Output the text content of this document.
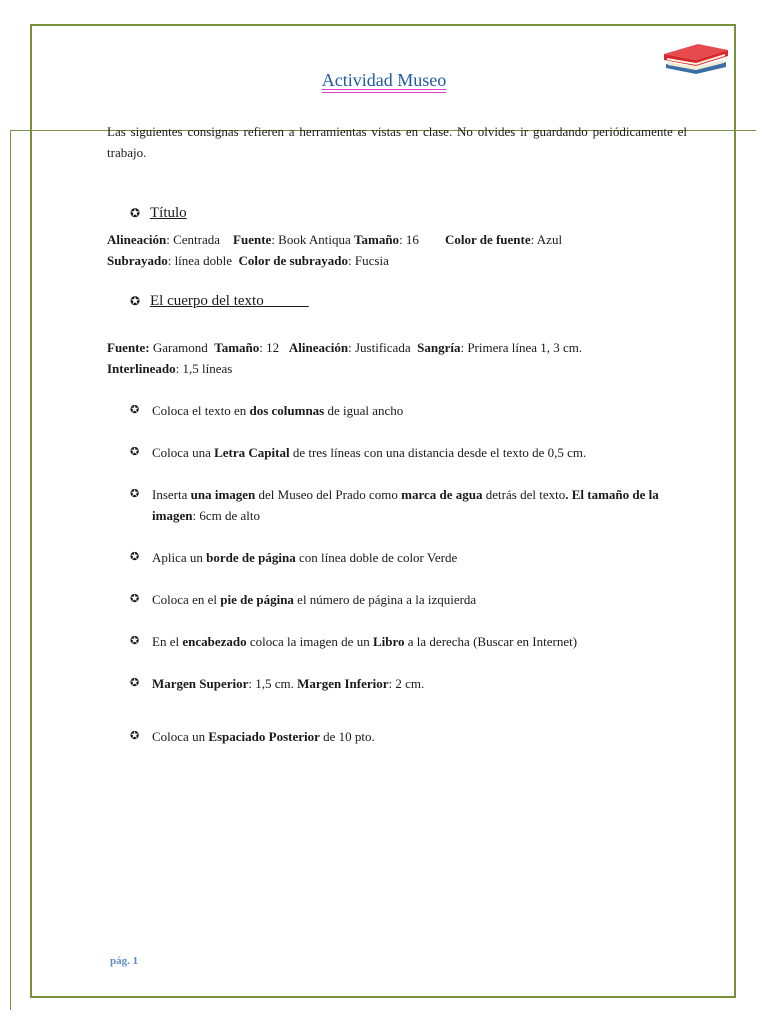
Actividad Museo
Las siguientes consignas refieren a herramientas vistas en clase. No olvides ir guardando periódicamente el trabajo.
✪ Título
Alineación: Centrada Fuente: Book Antiqua Tamaño: 16 Color de fuente: Azul
Subrayado: línea doble Color de subrayado: Fucsia
✪ El cuerpo del texto
Fuente: Garamond Tamaño: 12 Alineación: Justificada Sangría: Primera línea 1, 3 cm.
Interlineado: 1,5 líneas
✪ Coloca el texto en dos columnas de igual ancho
✪ Coloca una Letra Capital de tres líneas con una distancia desde el texto de 0,5 cm.
✪ Inserta una imagen del Museo del Prado como marca de agua detrás del texto. El tamaño de la imagen: 6cm de alto
✪ Aplica un borde de página con línea doble de color Verde
✪ Coloca en el pie de página el número de página a la izquierda
✪ En el encabezado coloca la imagen de un Libro a la derecha (Buscar en Internet)
✪ Margen Superior: 1,5 cm. Margen Inferior: 2 cm.
✪ Coloca un Espaciado Posterior de 10 pto.
pág. 1
